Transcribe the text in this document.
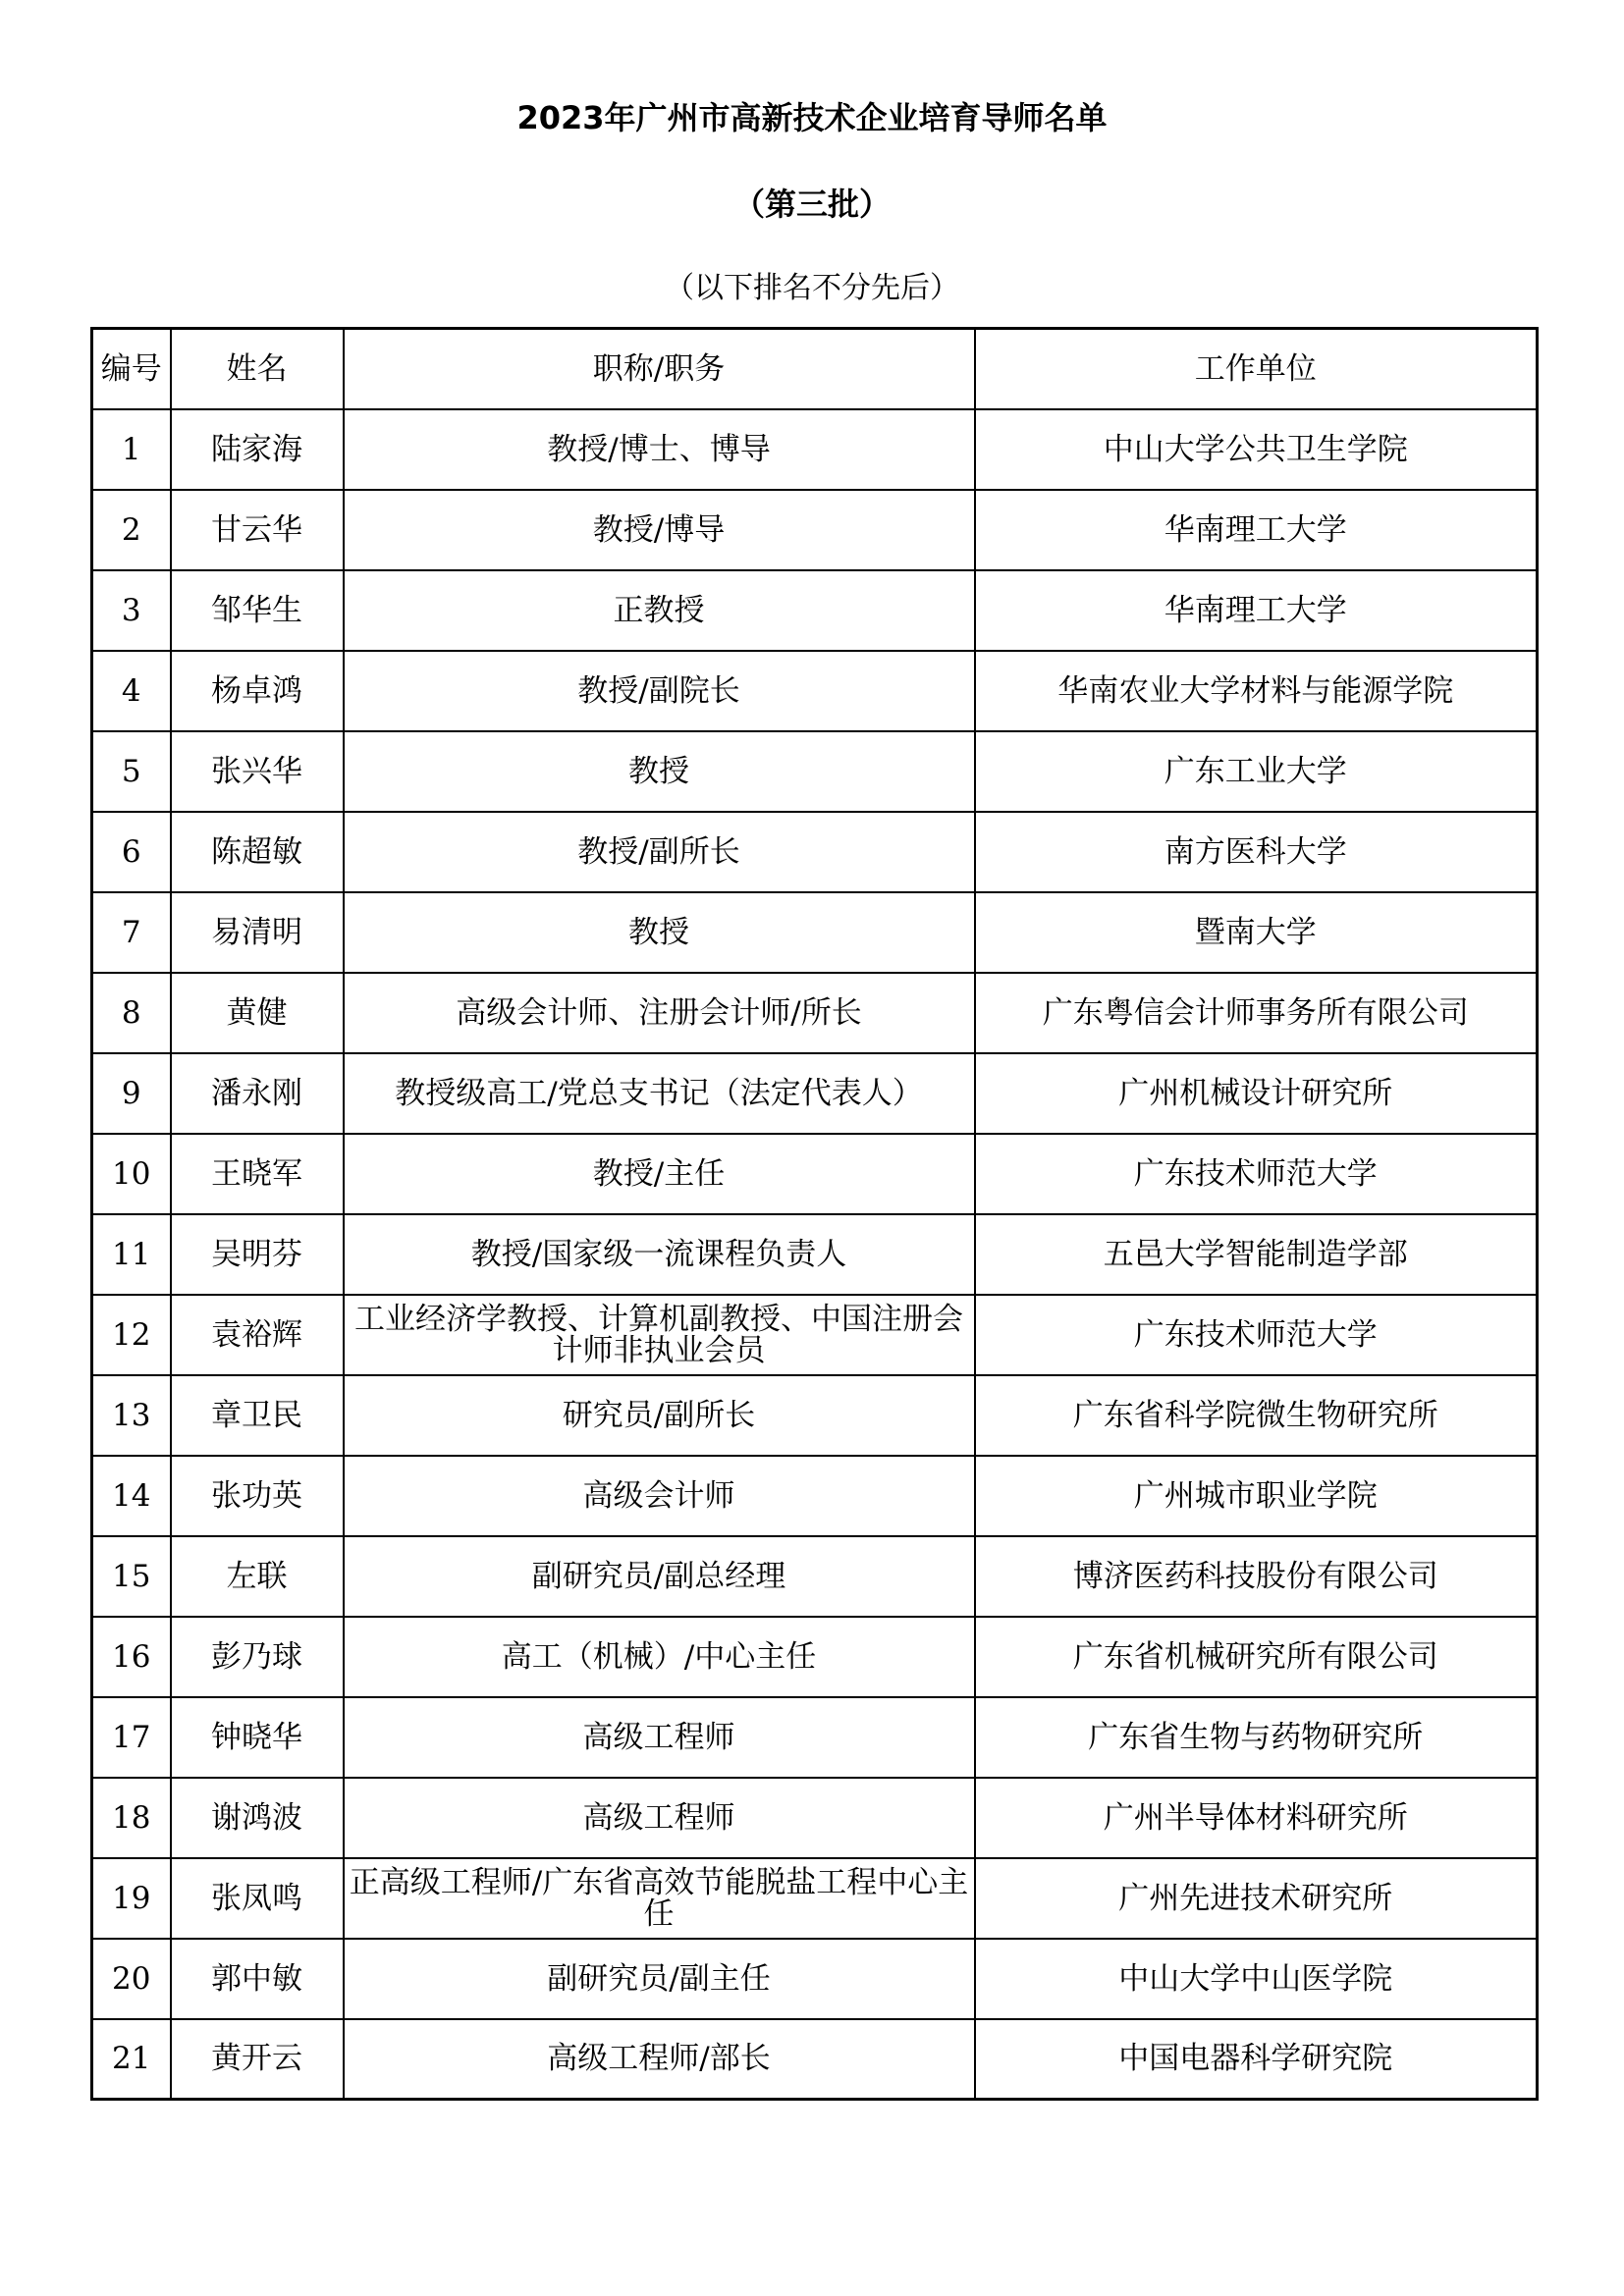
2023年广州市高新技术企业培育导师名单
（第三批）
（以下排名不分先后）
编号	姓名	职称/职务	工作单位
1	陆家海	教授/博士、博导	中山大学公共卫生学院
2	甘云华	教授/博导	华南理工大学
3	邹华生	正教授	华南理工大学
4	杨卓鸿	教授/副院长	华南农业大学材料与能源学院
5	张兴华	教授	广东工业大学
6	陈超敏	教授/副所长	南方医科大学
7	易清明	教授	暨南大学
8	黄健	高级会计师、注册会计师/所长	广东粤信会计师事务所有限公司
9	潘永刚	教授级高工/党总支书记（法定代表人）	广州机械设计研究所
10	王晓军	教授/主任	广东技术师范大学
11	吴明芬	教授/国家级一流课程负责人	五邑大学智能制造学部
12	袁裕辉	工业经济学教授、计算机副教授、中国注册会计师非执业会员	广东技术师范大学
13	章卫民	研究员/副所长	广东省科学院微生物研究所
14	张功英	高级会计师	广州城市职业学院
15	左联	副研究员/副总经理	博济医药科技股份有限公司
16	彭乃球	高工（机械）/中心主任	广东省机械研究所有限公司
17	钟晓华	高级工程师	广东省生物与药物研究所
18	谢鸿波	高级工程师	广州半导体材料研究所
19	张凤鸣	正高级工程师/广东省高效节能脱盐工程中心主任	广州先进技术研究所
20	郭中敏	副研究员/副主任	中山大学中山医学院
21	黄开云	高级工程师/部长	中国电器科学研究院
